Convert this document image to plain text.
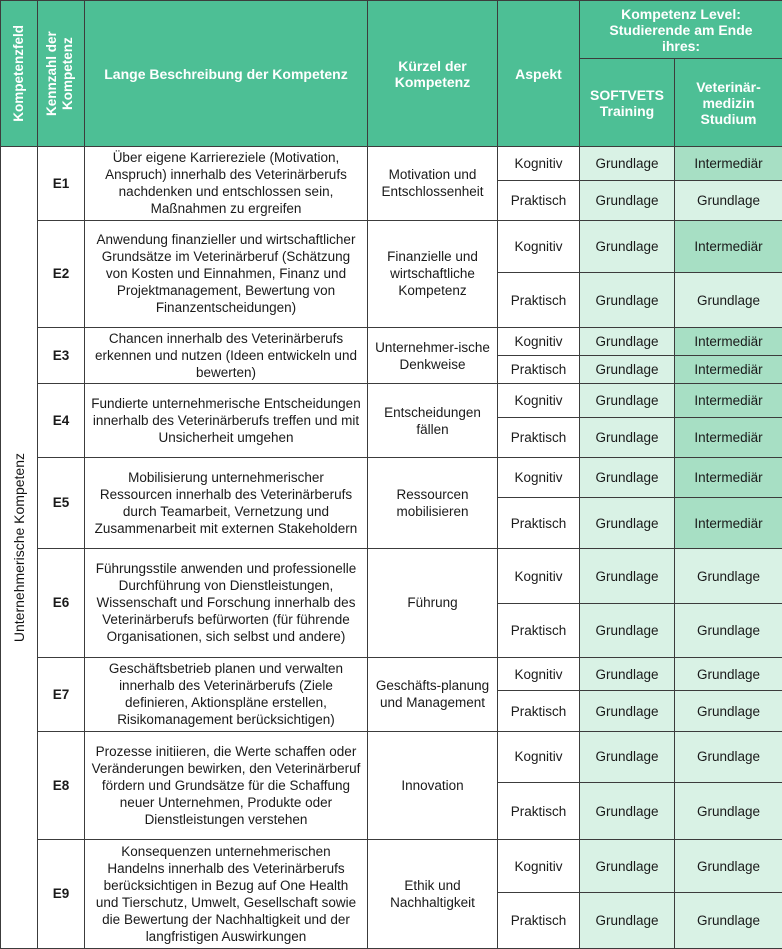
Kompetenzfeld	Kennzahl der Kompetenz	Lange Beschreibung der Kompetenz	Kürzel der Kompetenz	Aspekt	Kompetenz Level: Studierende am Ende ihres:	
					SOFTVETS Training	Veterinär-medizin Studium

Unternehmerische Kompetenz	E1	Über eigene Karriereziele (Motivation, Anspruch) innerhalb des Veterinärberufs nachdenken und entschlossen sein, Maßnahmen zu ergreifen	Motivation und Entschlossenheit	Kognitiv	Grundlage	Intermediär
				Praktisch	Grundlage	Grundlage
	E2	Anwendung finanzieller und wirtschaftlicher Grundsätze im Veterinärberuf (Schätzung von Kosten und Einnahmen, Finanz und Projektmanagement, Bewertung von Finanzentscheidungen)	Finanzielle und wirtschaftliche Kompetenz	Kognitiv	Grundlage	Intermediär
				Praktisch	Grundlage	Grundlage
	E3	Chancen innerhalb des Veterinärberufs erkennen und nutzen (Ideen entwickeln und bewerten)	Unternehmer-ische Denkweise	Kognitiv	Grundlage	Intermediär
				Praktisch	Grundlage	Intermediär
	E4	Fundierte unternehmerische Entscheidungen innerhalb des Veterinärberufs treffen und mit Unsicherheit umgehen	Entscheidungen fällen	Kognitiv	Grundlage	Intermediär
				Praktisch	Grundlage	Intermediär
	E5	Mobilisierung unternehmerischer Ressourcen innerhalb des Veterinärberufs durch Teamarbeit, Vernetzung und Zusammenarbeit mit externen Stakeholdern	Ressourcen mobilisieren	Kognitiv	Grundlage	Intermediär
				Praktisch	Grundlage	Intermediär
	E6	Führungsstile anwenden und professionelle Durchführung von Dienstleistungen, Wissenschaft und Forschung innerhalb des Veterinärberufs befürworten (für führende Organisationen, sich selbst und andere)	Führung	Kognitiv	Grundlage	Grundlage
				Praktisch	Grundlage	Grundlage
	E7	Geschäftsbetrieb planen und verwalten innerhalb des Veterinärberufs (Ziele definieren, Aktionspläne erstellen, Risikomanagement berücksichtigen)	Geschäfts-planung und Management	Kognitiv	Grundlage	Grundlage
				Praktisch	Grundlage	Grundlage
	E8	Prozesse initiieren, die Werte schaffen oder Veränderungen bewirken, den Veterinärberuf fördern und Grundsätze für die Schaffung neuer Unternehmen, Produkte oder Dienstleistungen verstehen	Innovation	Kognitiv	Grundlage	Grundlage
				Praktisch	Grundlage	Grundlage
	E9	Konsequenzen unternehmerischen Handelns innerhalb des Veterinärberufs berücksichtigen in Bezug auf One Health und Tierschutz, Umwelt, Gesellschaft sowie die Bewertung der Nachhaltigkeit und der langfristigen Auswirkungen	Ethik und Nachhaltigkeit	Kognitiv	Grundlage	Grundlage
				Praktisch	Grundlage	Grundlage
